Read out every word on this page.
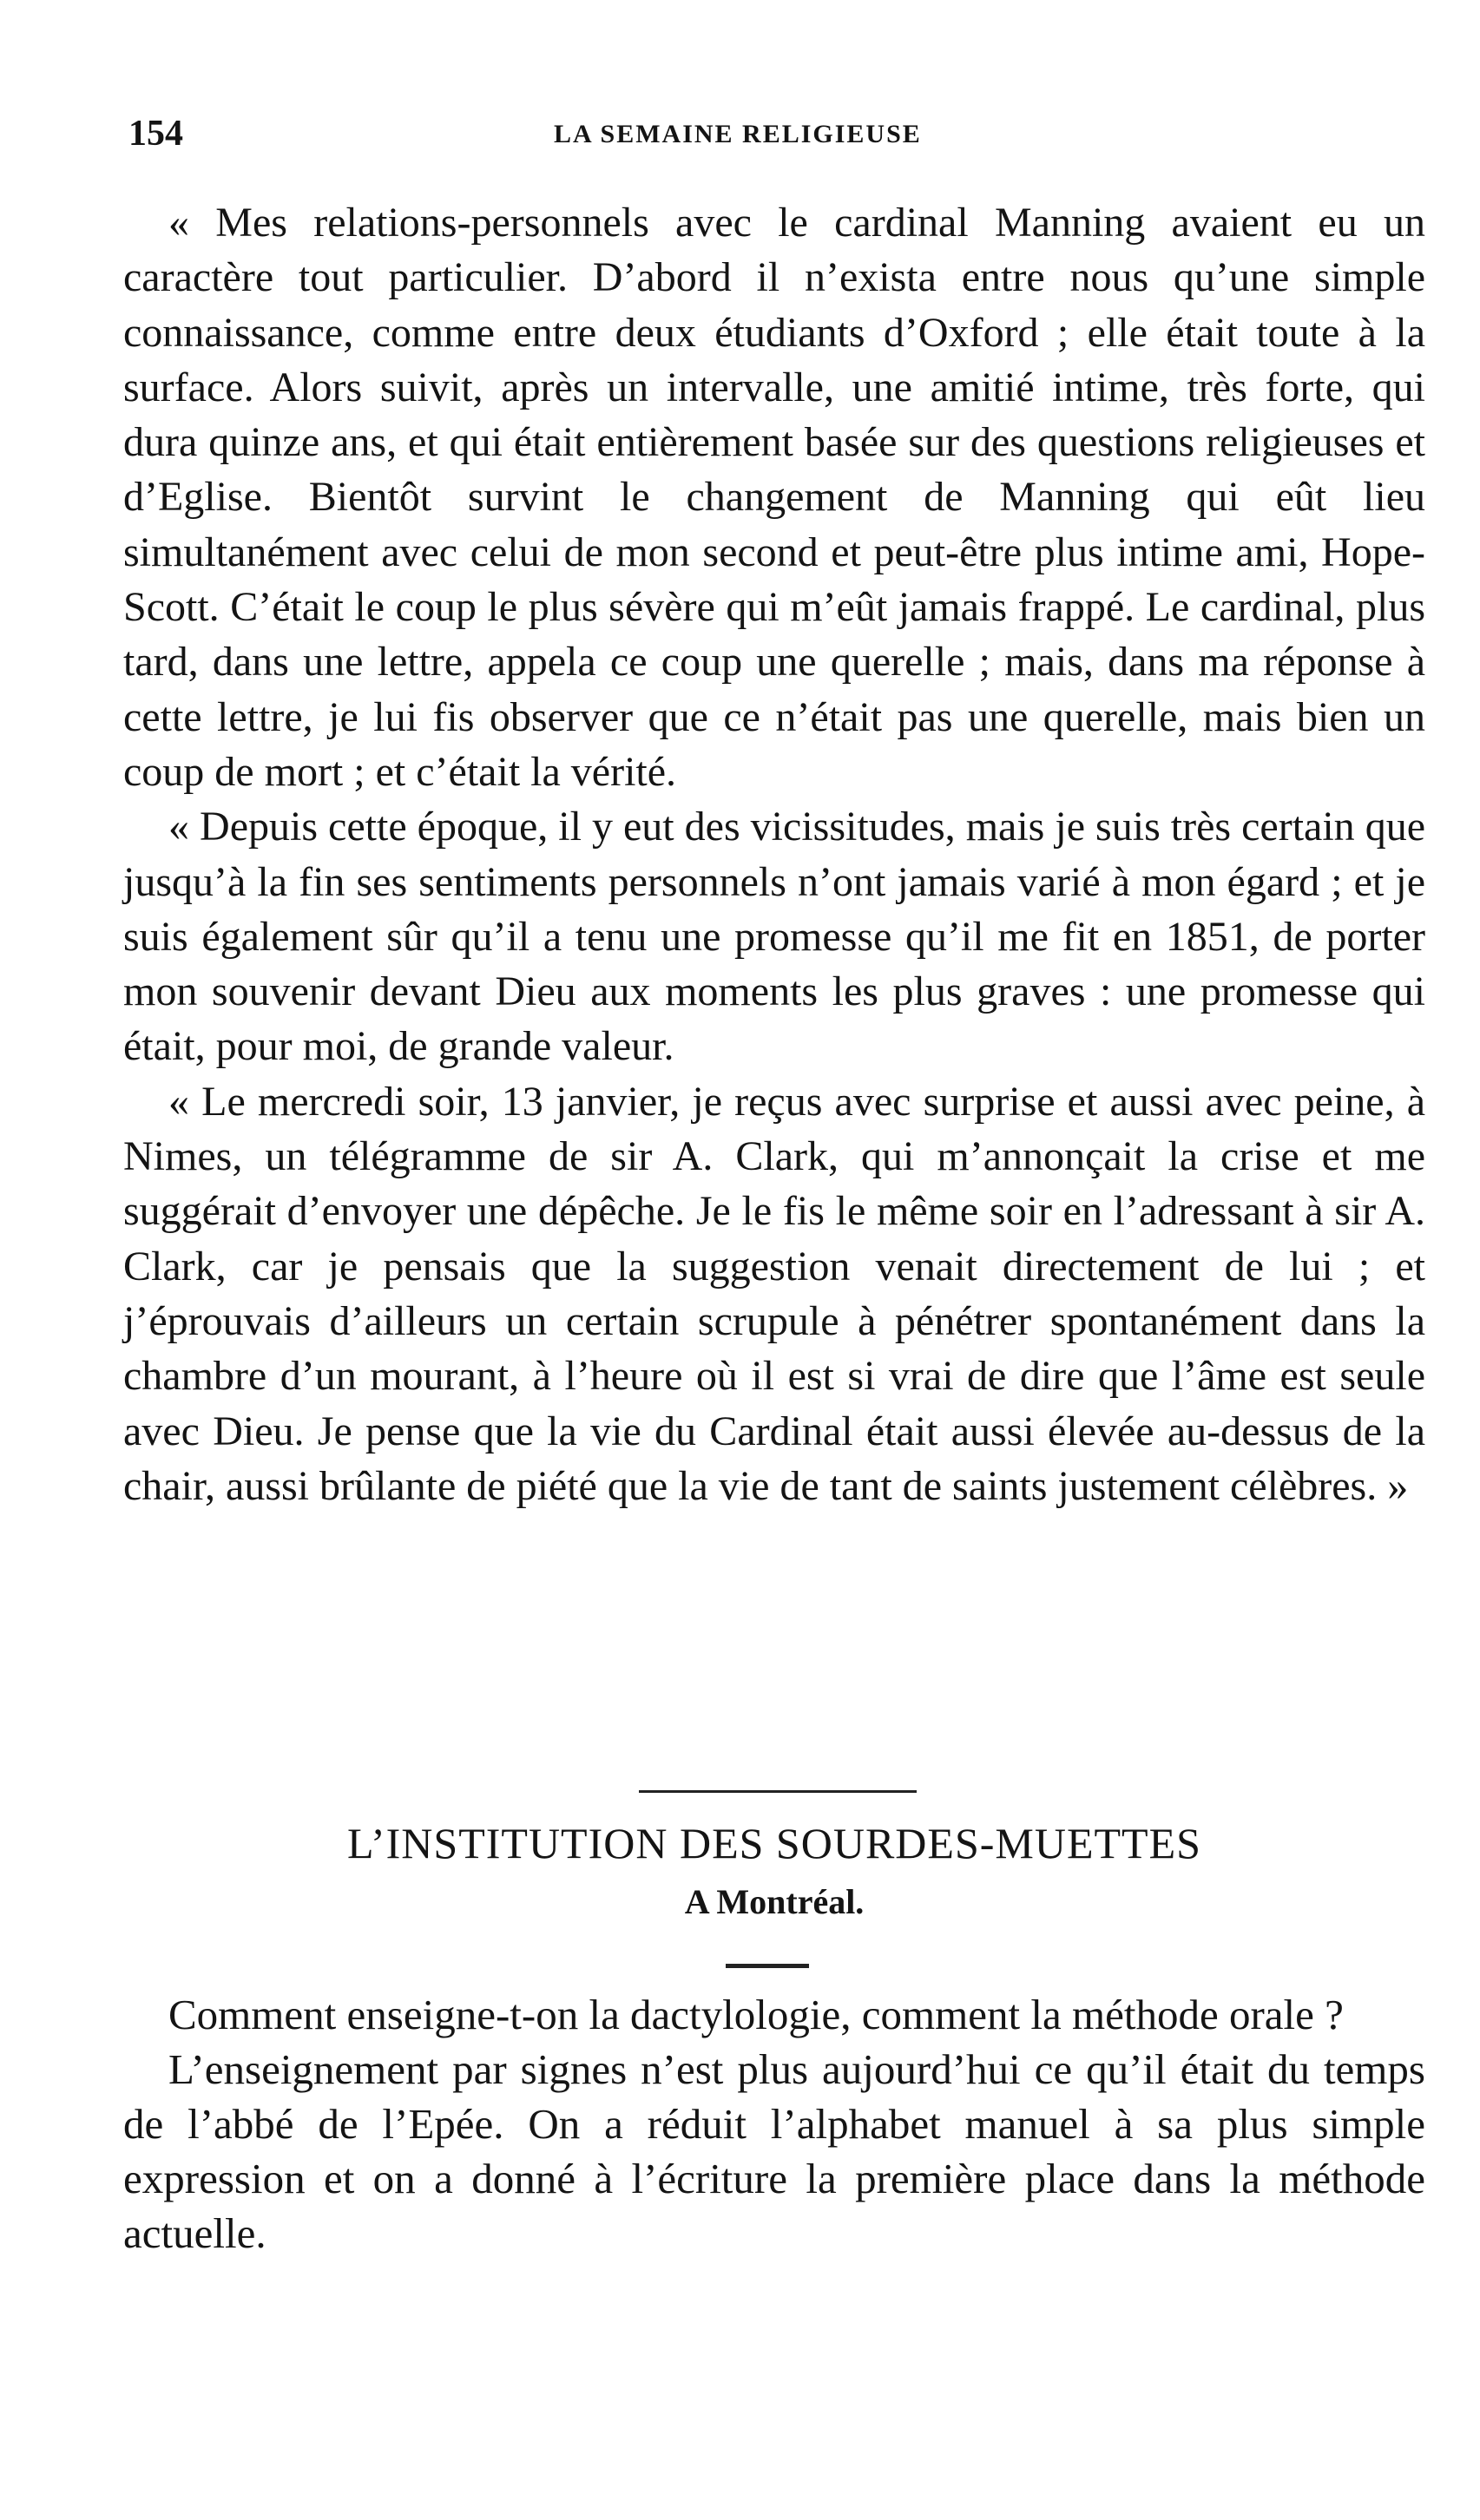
154	LA SEMAINE RELIGIEUSE

« Mes relations-personnels avec le cardinal Manning avaient eu un caractère tout particulier. D’abord il n’exista entre nous qu’une simple connaissance, comme entre deux étudiants d’Oxford ; elle était toute à la surface. Alors suivit, après un intervalle, une amitié intime, très forte, qui dura quinze ans, et qui était entièrement basée sur des questions religieuses et d’Eglise. Bientôt survint le changement de Manning qui eût lieu simultanément avec celui de mon second et peut-être plus intime ami, Hope-Scott. C’était le coup le plus sévère qui m’eût jamais frappé. Le cardinal, plus tard, dans une lettre, appela ce coup une querelle ; mais, dans ma réponse à cette lettre, je lui fis observer que ce n’était pas une querelle, mais bien un coup de mort ; et c’était la vérité.

« Depuis cette époque, il y eut des vicissitudes, mais je suis très certain que jusqu’à la fin ses sentiments personnels n’ont jamais varié à mon égard ; et je suis également sûr qu’il a tenu une promesse qu’il me fit en 1851, de porter mon souvenir devant Dieu aux moments les plus graves : une promesse qui était, pour moi, de grande valeur.

« Le mercredi soir, 13 janvier, je reçus avec surprise et aussi avec peine, à Nimes, un télégramme de sir A. Clark, qui m’annonçait la crise et me suggérait d’envoyer une dépêche. Je le fis le même soir en l’adressant à sir A. Clark, car je pensais que la suggestion venait directement de lui ; et j’éprouvais d’ailleurs un certain scrupule à pénétrer spontanément dans la chambre d’un mourant, à l’heure où il est si vrai de dire que l’âme est seule avec Dieu. Je pense que la vie du Cardinal était aussi élevée au-dessus de la chair, aussi brûlante de piété que la vie de tant de saints justement célèbres. »

L’INSTITUTION DES SOURDES-MUETTES
A Montréal.

Comment enseigne-t-on la dactylologie, comment la méthode orale ?

L’enseignement par signes n’est plus aujourd’hui ce qu’il était du temps de l’abbé de l’Epée. On a réduit l’alphabet manuel à sa plus simple expression et on a donné à l’écriture la première place dans la méthode actuelle.
